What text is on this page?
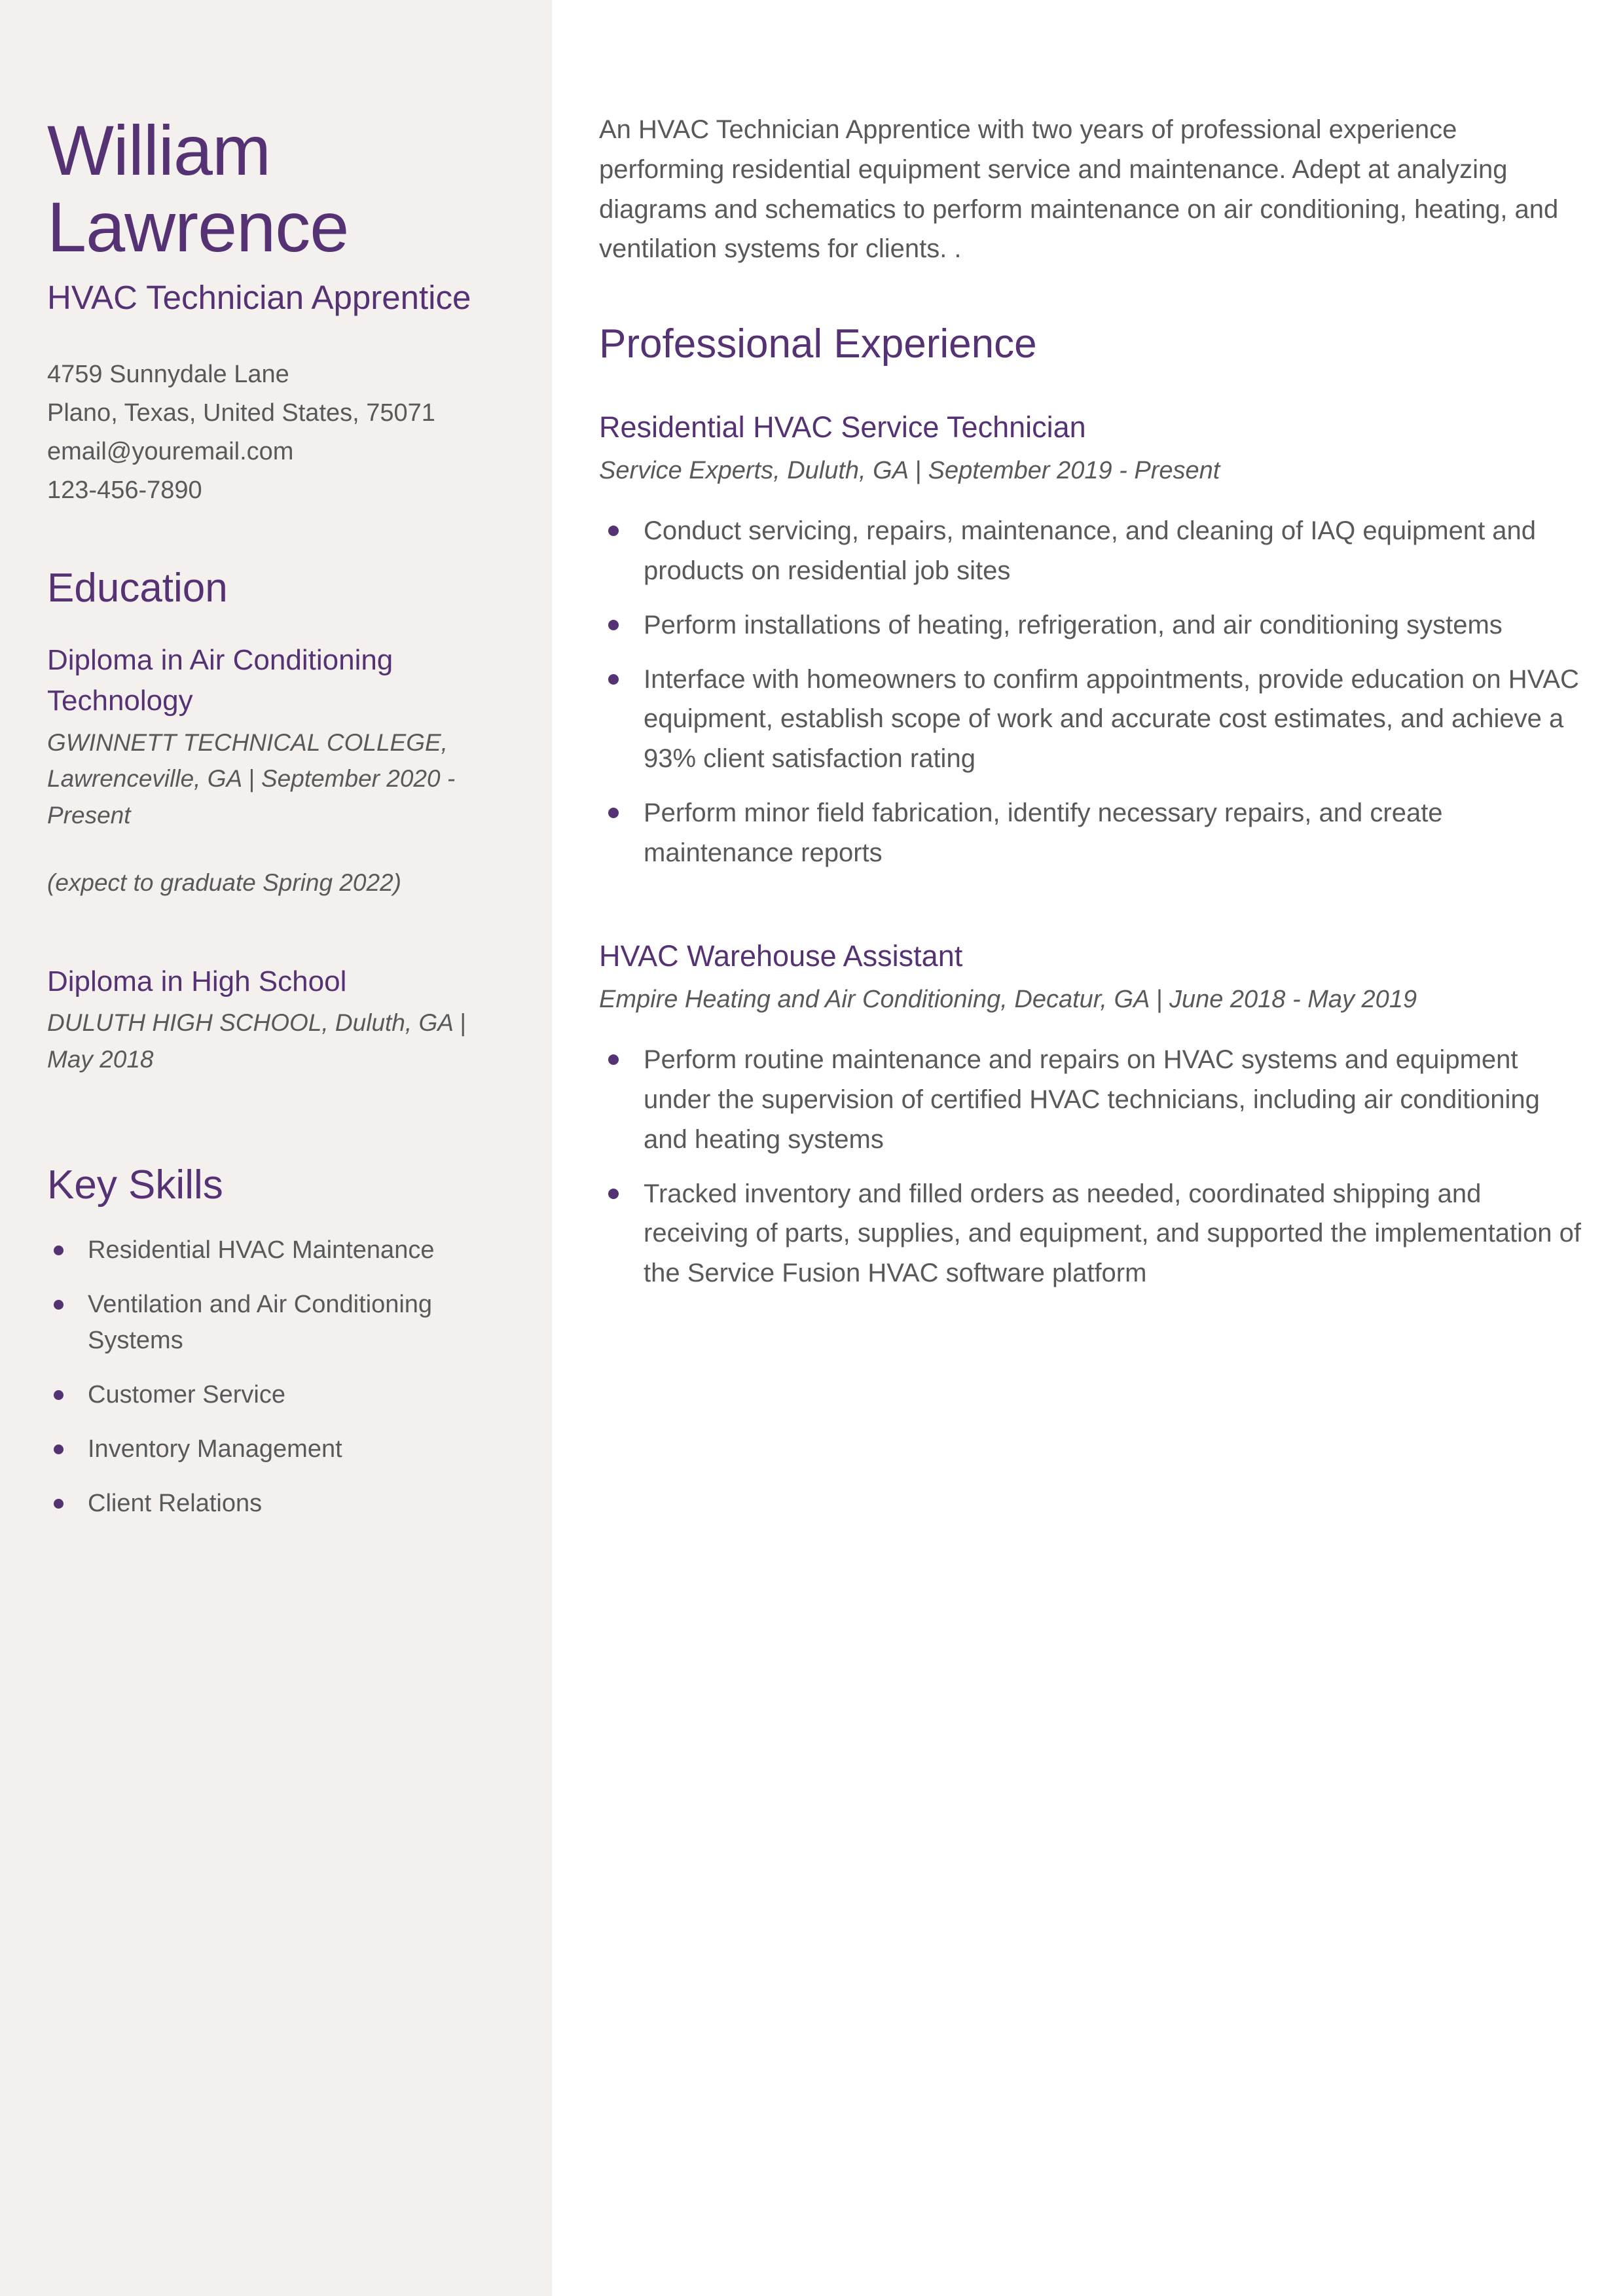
William
Lawrence

HVAC Technician Apprentice

4759 Sunnydale Lane

Plano, Texas, United States, 75071

email@youremail.com

123-456-7890

Education

Diploma in Air Conditioning Technology

GWINNETT TECHNICAL COLLEGE, Lawrenceville, GA | September 2020 - Present

(expect to graduate Spring 2022)

Diploma in High School

DULUTH HIGH SCHOOL, Duluth, GA | May 2018

Key Skills
Residential HVAC Maintenance
Ventilation and Air Conditioning Systems
Customer Service
Inventory Management
Client Relations

An HVAC Technician Apprentice with two years of professional experience performing residential equipment service and maintenance. Adept at analyzing diagrams and schematics to perform maintenance on air conditioning, heating, and ventilation systems for clients. .

Professional Experience
Residential HVAC Service Technician

Service Experts, Duluth, GA | September 2019 - Present

Conduct servicing, repairs, maintenance, and cleaning of IAQ equipment and products on residential job sites
Perform installations of heating, refrigeration, and air conditioning systems
Interface with homeowners to confirm appointments, provide education on HVAC equipment, establish scope of work and accurate cost estimates, and achieve a 93% client satisfaction rating
Perform minor field fabrication, identify necessary repairs, and create maintenance reports
HVAC Warehouse Assistant

Empire Heating and Air Conditioning, Decatur, GA | June 2018 - May 2019

Perform routine maintenance and repairs on HVAC systems and equipment under the supervision of certified HVAC technicians, including air conditioning and heating systems
Tracked inventory and filled orders as needed, coordinated shipping and receiving of parts, supplies, and equipment, and supported the implementation of the Service Fusion HVAC software platform
